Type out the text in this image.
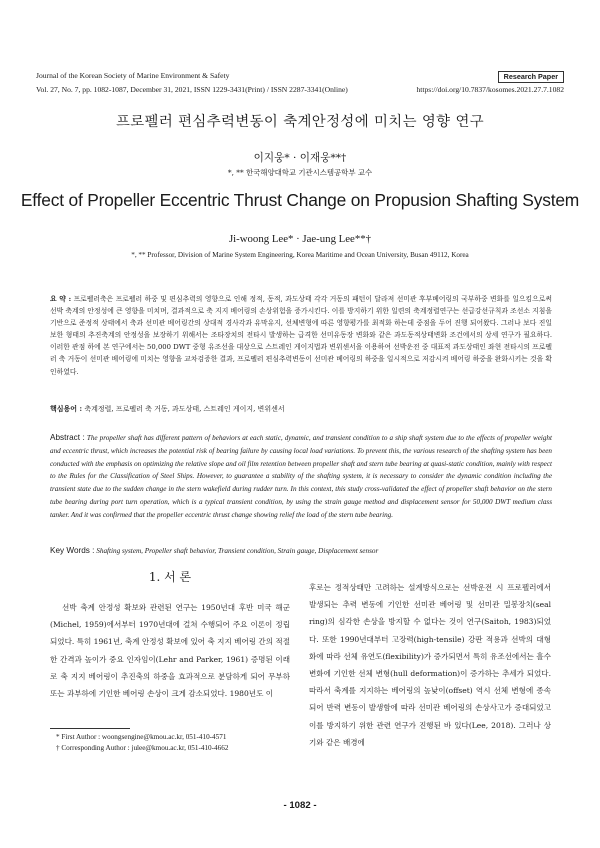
Journal of the Korean Society of Marine Environment & Safety	Research Paper
Vol. 27, No. 7, pp. 1082-1087, December 31, 2021, ISSN 1229-3431(Print) / ISSN 2287-3341(Online)	https://doi.org/10.7837/kosomes.2021.27.7.1082
프로펠러 편심추력변동이 축계안정성에 미치는 영향 연구
이지웅* · 이재웅**†
*, ** 한국해양대학교 기관시스템공학부 교수
Effect of Propeller Eccentric Thrust Change on Propusion Shafting System
Ji-woong Lee* · Jae-ung Lee**†
*, ** Professor, Division of Marine System Engineering, Korea Maritime and Ocean University, Busan 49112, Korea
요 약 : 프로펠러축은 프로펠러 하중 및 편심추력의 영향으로 인해 정적, 동적, 과도상태 각각 거동의 패턴이 달라져 선미관 후부베어링의 국부하중 변화를 일으킴으로써 선박 축계의 안정성에 큰 영향을 미치며, 결과적으로 축 지지 베어링의 손상위험을 증가시킨다. 이를 방지하기 위한 일련의 축계정렬연구는 선급강선규칙과 조선소 지침을 기반으로 준정적 상태에서 축과 선미관 베어링간의 상대적 경사각과 유막유지, 선체변형에 따른 영향평가를 최적화 하는데 중점을 두어 진행 되어왔다. 그러나 보다 진일보한 형태의 추진축계의 안정성을 보장하기 위해서는 조타장치의 전타시 발생하는 급격한 선미유동장 변화와 같은 과도동적상태변화 조건에서의 상세 연구가 필요하다. 이러한 관점 하에 본 연구에서는 50,000 DWT 중형 유조선을 대상으로 스트레인 게이지법과 변위센서을 이용하여 선박운전 중 대표적 과도상태인 좌현 전타시의 프로펠러 축 거동이 선미관 베어링에 미치는 영향을 교차검증한 결과, 프로펠러 편심추력변동이 선미관 베어링의 하중을 일시적으로 저감시켜 베어링 하중을 완화시키는 것을 확인하였다.
핵심용어 : 축계정렬, 프로펠러 축 거동, 과도상태, 스트레인 게이지, 변위센서
Abstract : The propeller shaft has different pattern of behaviors at each static, dynamic, and transient condition to a ship shaft system due to the effects of propeller weight and eccentric thrust, which increases the potential risk of bearing failure by causing local load variations. To prevent this, the various research of the shafting system has been conducted with the emphasis on optimizing the relative slope and oil film retention between propeller shaft and stern tube bearing at quasi-static condition, mainly with respect to the Rules for the Classification of Steel Ships. However, to guarantee a stability of the shafting system, it is necessary to consider the dynamic condition including the transient state due to the sudden change in the stern wakefield during rudder turn. In this context, this study cross-validated the effect of propeller shaft behavior on the stern tube bearing during port turn operation, which is a typical transient condition, by using the strain gauge method and displacement sensor for 50,000 DWT medium class tanker. And it was confirmed that the propeller eccentric thrust change showing relief the load of the stern tube bearing.
Key Words : Shafting system, Propeller shaft behavior, Transient condition, Strain gauge, Displacement sensor
1. 서 론
선박 축계 안정성 확보와 관련된 연구는 1950년대 후반 미국 해군(Michel, 1959)에서부터 1970년대에 걸쳐 수행되어 주요 이론이 정립되었다. 특히 1961년, 축계 안정성 확보에 있어 축 지지 베어링 간의 적절한 간격과 높이가 중요 인자임이(Lehr and Parker, 1961) 증명된 이래로 축 지지 베어링이 추진축의 하중을 효과적으로 분담하게 되어 무부하 또는 과부하에 기인한 베어링 손상이 크게 감소되었다. 1980년도 이
후로는 정적상태만 고려하는 설계방식으로는 선박운전 시 프로펠러에서 발생되는 추력 변동에 기인한 선미관 베어링 및 선미관 밀봉장치(seal ring)의 심각한 손상을 방지할 수 없다는 것이 연구(Saitoh, 1983)되었다. 또한 1990년대부터 고장력(high-tensile) 강판 적용과 선박의 대형화에 따라 선체 유연도(flexibility)가 증가되면서 특히 유조선에서는 흘수 변화에 기인한 선체 변형(hull deformation)이 증가하는 추세가 되었다. 따라서 축계를 지지하는 베어링의 높낮이(offset) 역시 선체 변형에 종속되어 반력 변동이 발생함에 따라 선미관 베어링의 손상사고가 증대되었고 이를 방지하기 위한 관련 연구가 진행된 바 있다(Lee, 2018). 그러나 상기와 같은 배경에
* First Author : woongsengine@kmou.ac.kr, 051-410-4571
† Corresponding Author : julee@kmou.ac.kr, 051-410-4662
- 1082 -
